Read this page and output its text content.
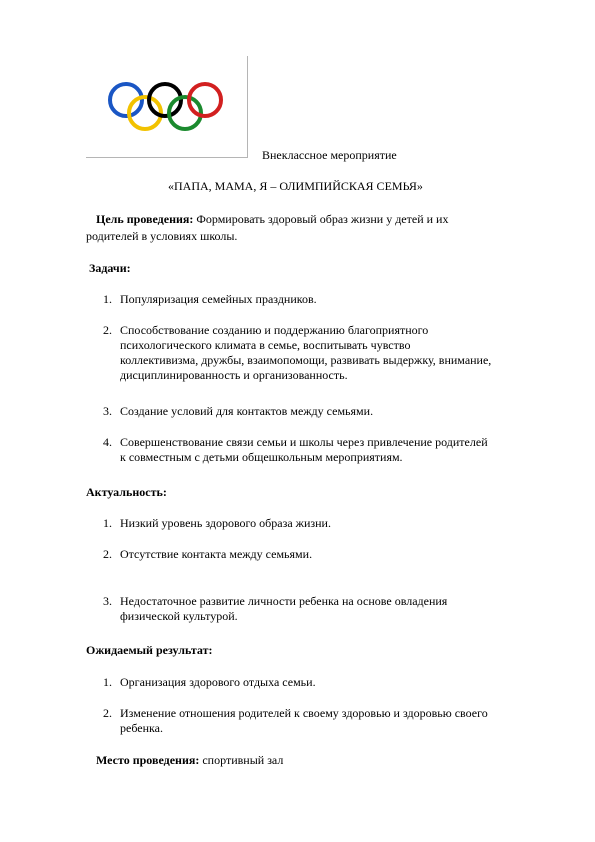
Внеклассное мероприятие
«ПАПА, МАМА, Я – ОЛИМПИЙСКАЯ СЕМЬЯ»
Цель проведения: Формировать здоровый образ жизни у детей и их
родителей в условиях школы.
Задачи:
1. Популяризация семейных праздников.
2. Способствование созданию и поддержанию благоприятного
психологического климата в семье, воспитывать чувство
коллективизма, дружбы, взаимопомощи, развивать выдержку, внимание,
дисциплинированность и организованность.
3. Создание условий для контактов между семьями.
4. Совершенствование связи семьи и школы через привлечение родителей
к совместным с детьми общешкольным мероприятиям.
Актуальность:
1. Низкий уровень здорового образа жизни.
2. Отсутствие контакта между семьями.
3. Недостаточное развитие личности ребенка на основе овладения
физической культурой.
Ожидаемый результат:
1. Организация здорового отдыха семьи.
2. Изменение отношения родителей к своему здоровью и здоровью своего
ребенка.
Место проведения: спортивный зал
